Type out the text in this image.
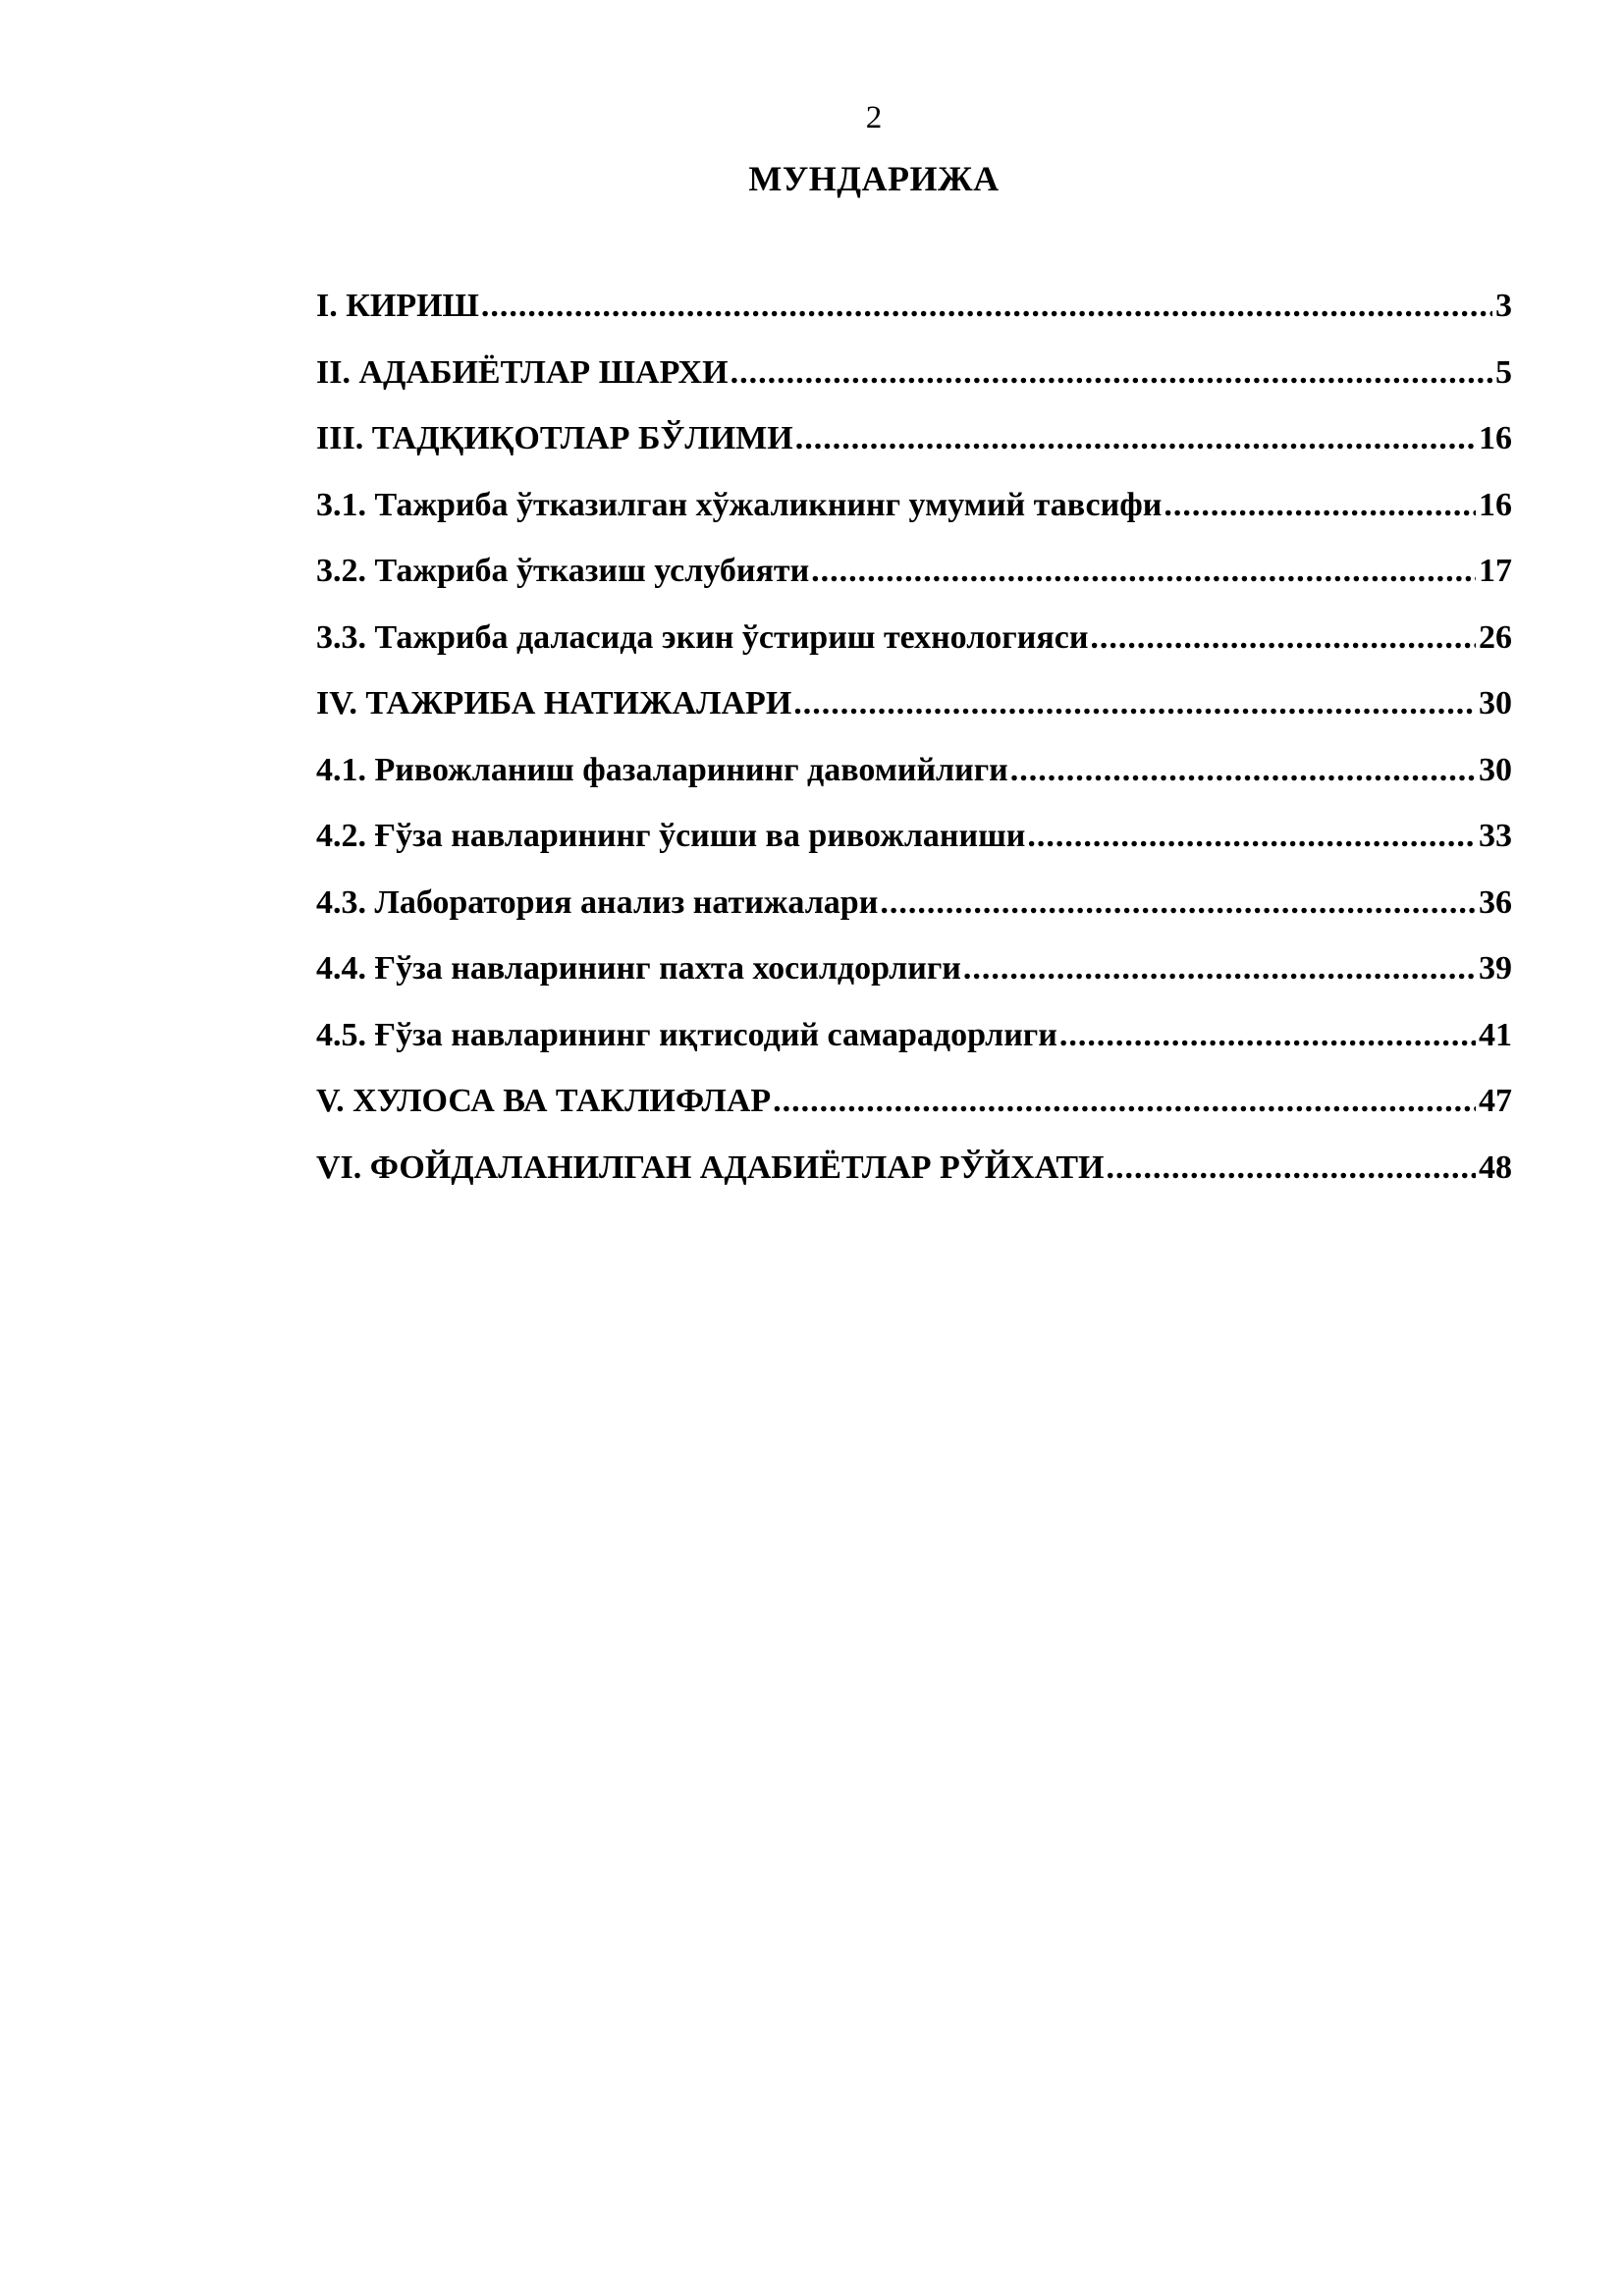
2
МУНДАРИЖА
I. КИРИШ .....	3
II. АДАБИЁТЛАР ШАРХИ .....	5
III. ТАДҚИҚОТЛАР БЎЛИМИ .....	16
3.1. Тажриба ўтказилган хўжаликнинг умумий тавсифи .....	16
3.2. Тажриба ўтказиш услубияти .....	17
3.3. Тажриба даласида экин ўстириш технологияси .....	26
IV. ТАЖРИБА НАТИЖАЛАРИ .....	30
4.1. Ривожланиш фазаларининг давомийлиги .....	30
4.2. Ғўза навларининг ўсиши ва ривожланиши .....	33
4.3. Лаборатория анализ натижалари .....	36
4.4. Ғўза навларининг пахта хосилдорлиги .....	39
4.5. Ғўза навларининг иқтисодий самарадорлиги .....	41
V. ХУЛОСА ВА ТАКЛИФЛАР .....	47
VI. ФОЙДАЛАНИЛГАН АДАБИЁТЛАР РЎЙХАТИ .....	48
